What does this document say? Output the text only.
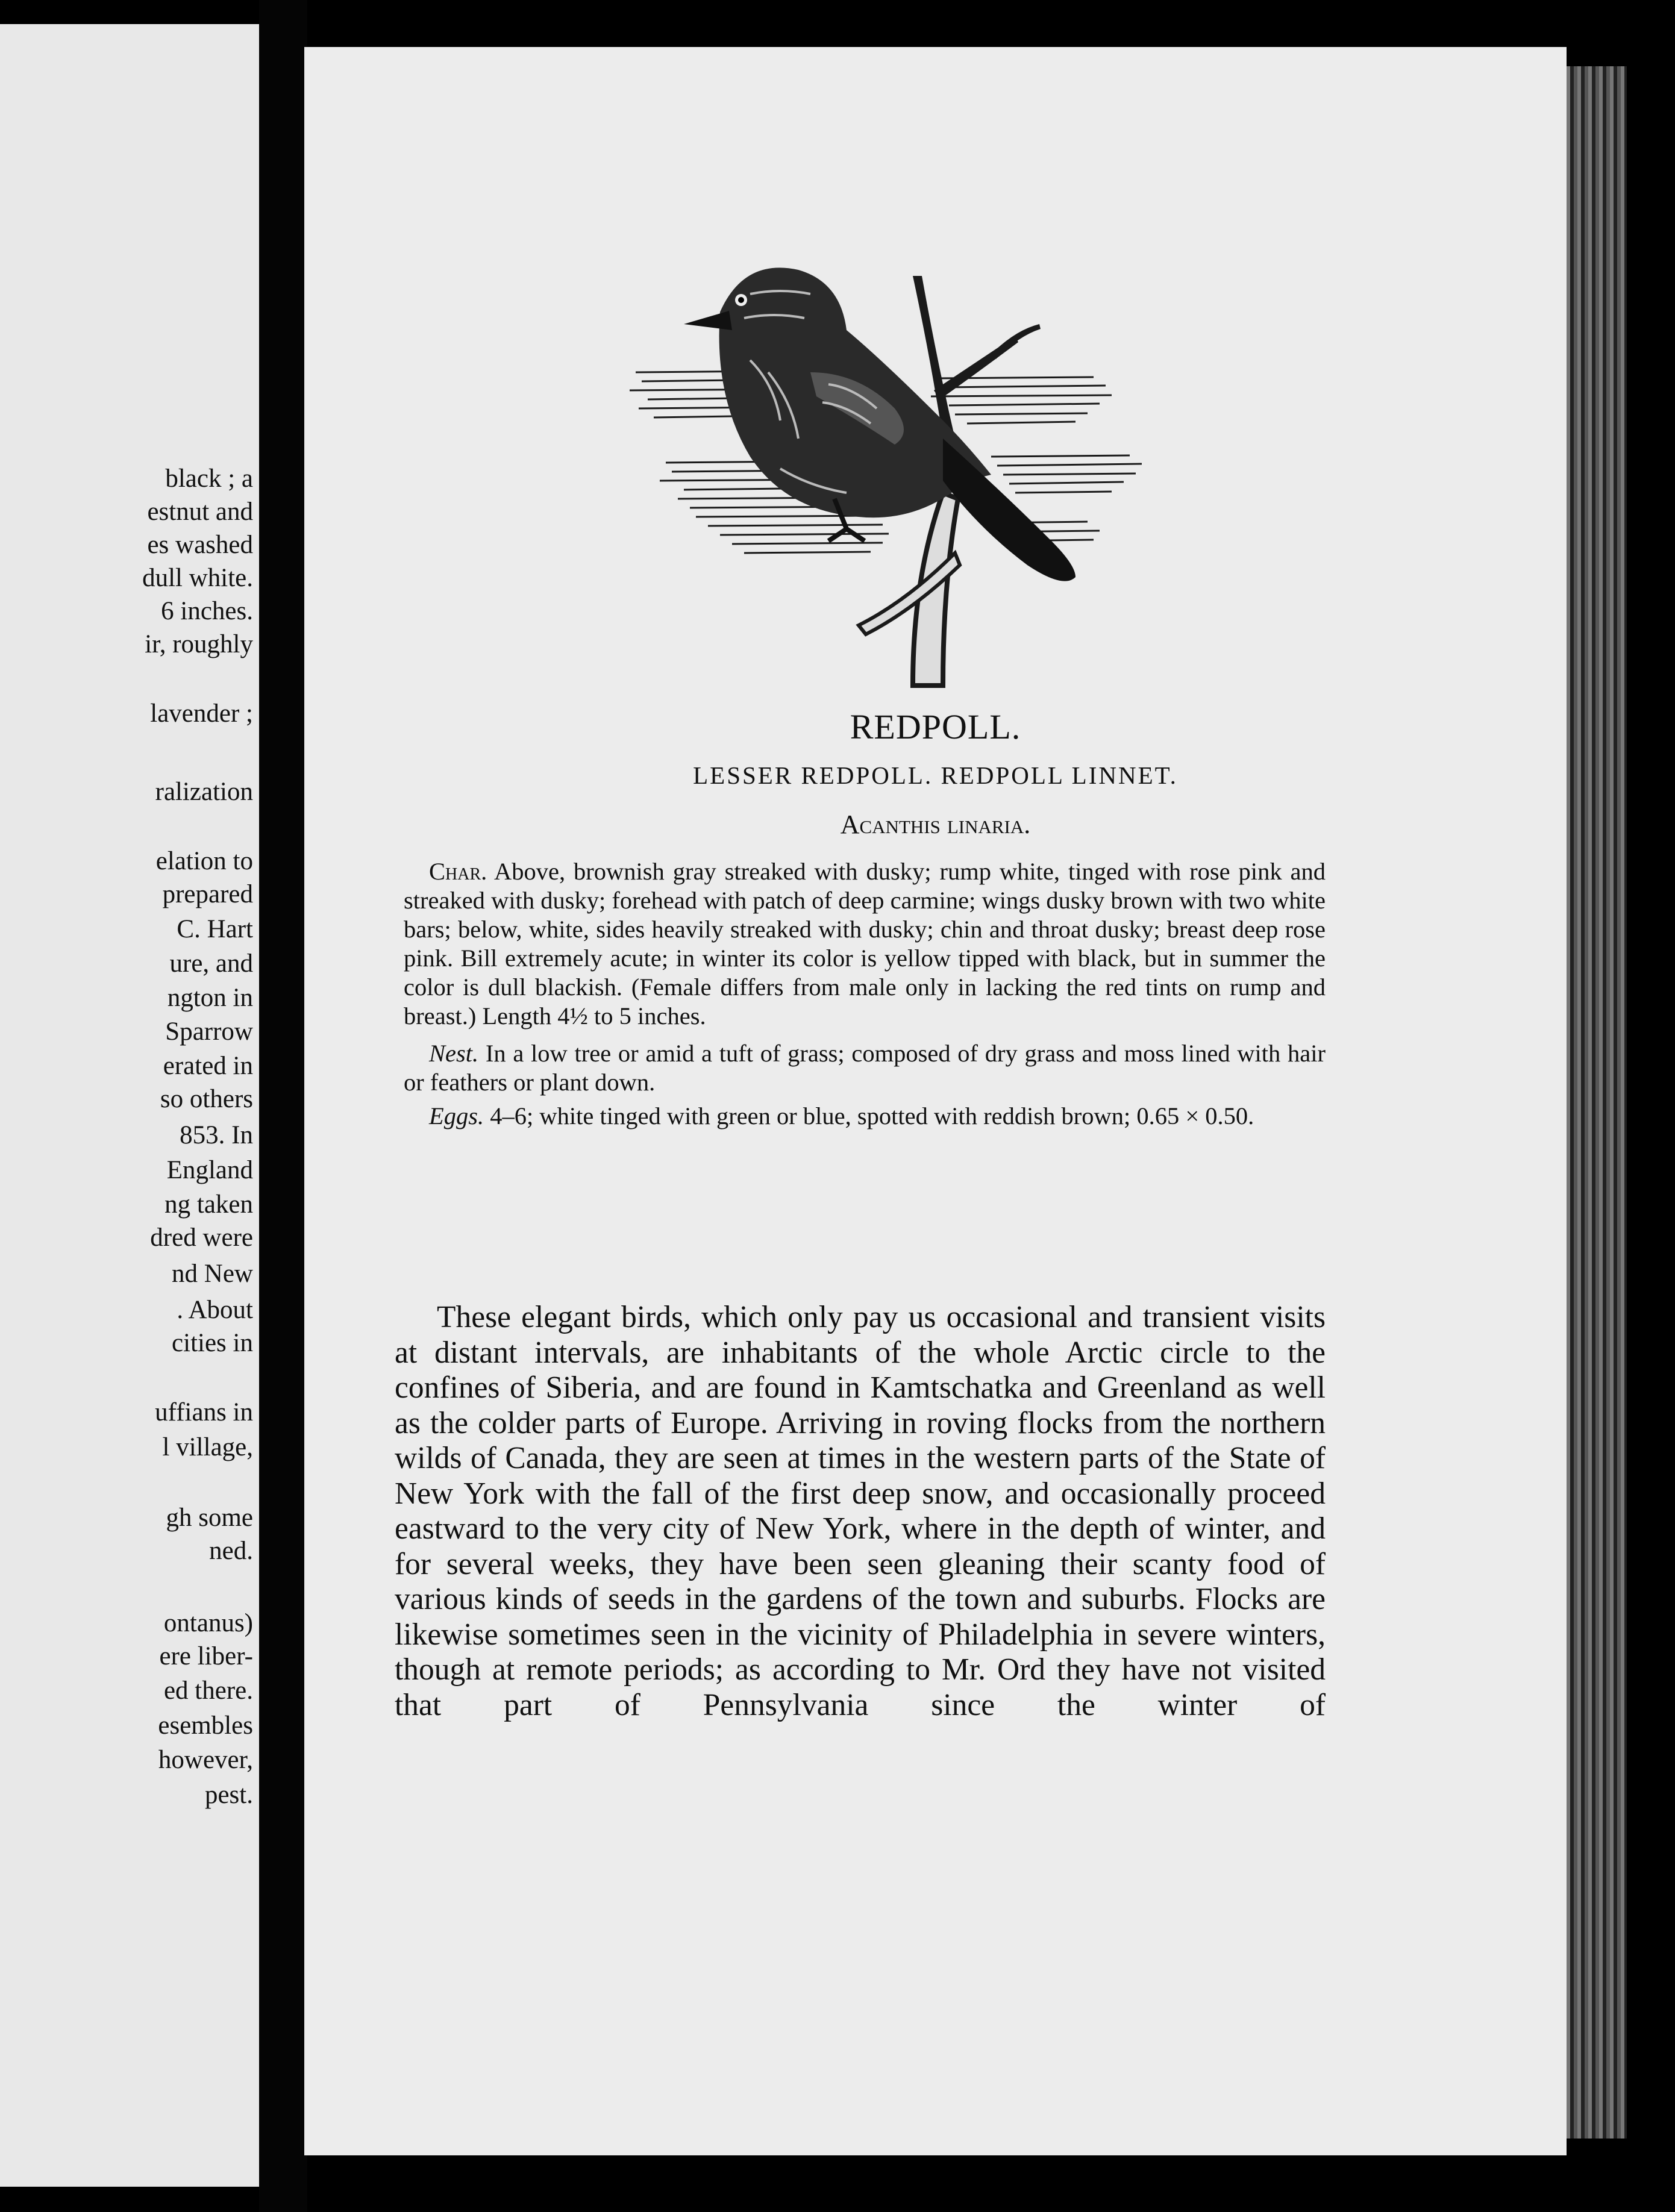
black ; a
estnut and
es washed
dull white.
6 inches.
ir, roughly
lavender ;
ralization
elation to
prepared
C. Hart
ure, and
ngton in
Sparrow
erated in
so others
853. In
England
ng taken
dred were
nd New
. About
cities in
uffians in
l village,
gh some
ned.
ontanus)
ere liber-
ed there.
esembles
however,
pest.
REDPOLL.
LESSER REDPOLL. REDPOLL LINNET.
Acanthis linaria.

Char. Above, brownish gray streaked with dusky; rump white, tinged with rose pink and streaked with dusky; forehead with patch of deep carmine; wings dusky brown with two white bars; below, white, sides heavily streaked with dusky; chin and throat dusky; breast deep rose pink. Bill extremely acute; in winter its color is yellow tipped with black, but in summer the color is dull blackish. (Female differs from male only in lacking the red tints on rump and breast.) Length 4½ to 5 inches.

Nest. In a low tree or amid a tuft of grass; composed of dry grass and moss lined with hair or feathers or plant down.

Eggs. 4–6; white tinged with green or blue, spotted with reddish brown; 0.65 × 0.50.

These elegant birds, which only pay us occasional and transient visits at distant intervals, are inhabitants of the whole Arctic circle to the confines of Siberia, and are found in Kamtschatka and Greenland as well as the colder parts of Europe. Arriving in roving flocks from the northern wilds of Canada, they are seen at times in the western parts of the State of New York with the fall of the first deep snow, and occasionally proceed eastward to the very city of New York, where in the depth of winter, and for several weeks, they have been seen gleaning their scanty food of various kinds of seeds in the gardens of the town and suburbs. Flocks are likewise sometimes seen in the vicinity of Philadelphia in severe winters, though at remote periods; as according to Mr. Ord they have not visited that part of Pennsylvania since the winter of
